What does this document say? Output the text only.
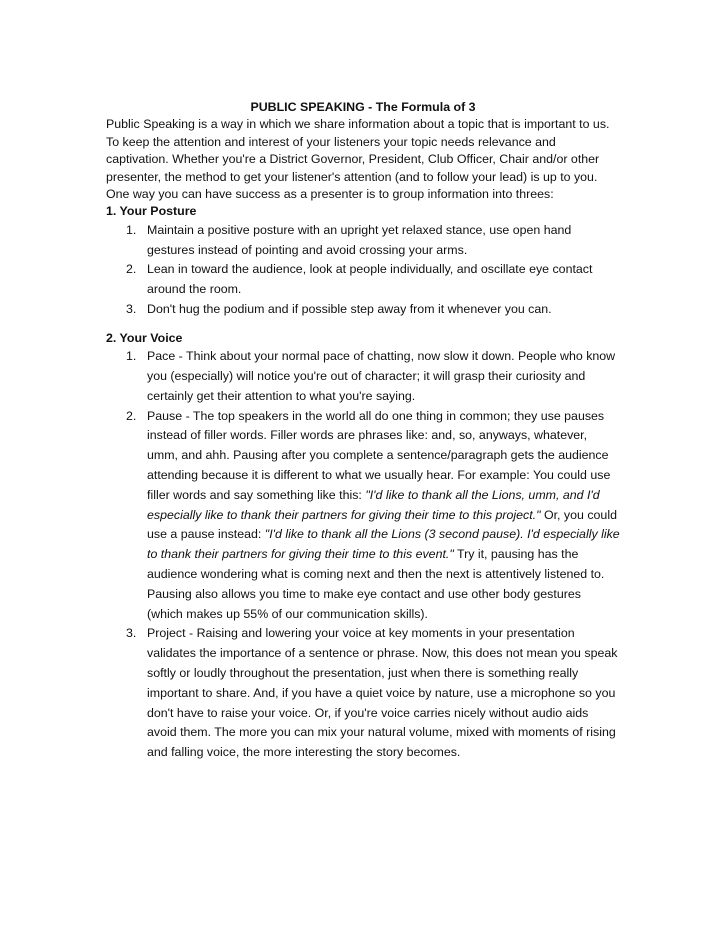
PUBLIC SPEAKING - The Formula of 3

Public Speaking is a way in which we share information about a topic that is important to us. To keep the attention and interest of your listeners your topic needs relevance and captivation. Whether you're a District Governor, President, Club Officer, Chair and/or other presenter, the method to get your listener's attention (and to follow your lead) is up to you. One way you can have success as a presenter is to group information into threes:

1. Your Posture

1. Maintain a positive posture with an upright yet relaxed stance, use open hand gestures instead of pointing and avoid crossing your arms.
2. Lean in toward the audience, look at people individually, and oscillate eye contact around the room.
3. Don't hug the podium and if possible step away from it whenever you can.

2. Your Voice

1. Pace - Think about your normal pace of chatting, now slow it down. People who know you (especially) will notice you're out of character; it will grasp their curiosity and certainly get their attention to what you're saying.
2. Pause - The top speakers in the world all do one thing in common; they use pauses instead of filler words. Filler words are phrases like: and, so, anyways, whatever, umm, and ahh. Pausing after you complete a sentence/paragraph gets the audience attending because it is different to what we usually hear. For example: You could use filler words and say something like this: "I'd like to thank all the Lions, umm, and I'd especially like to thank their partners for giving their time to this project." Or, you could use a pause instead: "I'd like to thank all the Lions (3 second pause). I'd especially like to thank their partners for giving their time to this event." Try it, pausing has the audience wondering what is coming next and then the next is attentively listened to. Pausing also allows you time to make eye contact and use other body gestures (which makes up 55% of our communication skills).
3. Project - Raising and lowering your voice at key moments in your presentation validates the importance of a sentence or phrase. Now, this does not mean you speak softly or loudly throughout the presentation, just when there is something really important to share. And, if you have a quiet voice by nature, use a microphone so you don't have to raise your voice. Or, if you're voice carries nicely without audio aids avoid them. The more you can mix your natural volume, mixed with moments of rising and falling voice, the more interesting the story becomes.
